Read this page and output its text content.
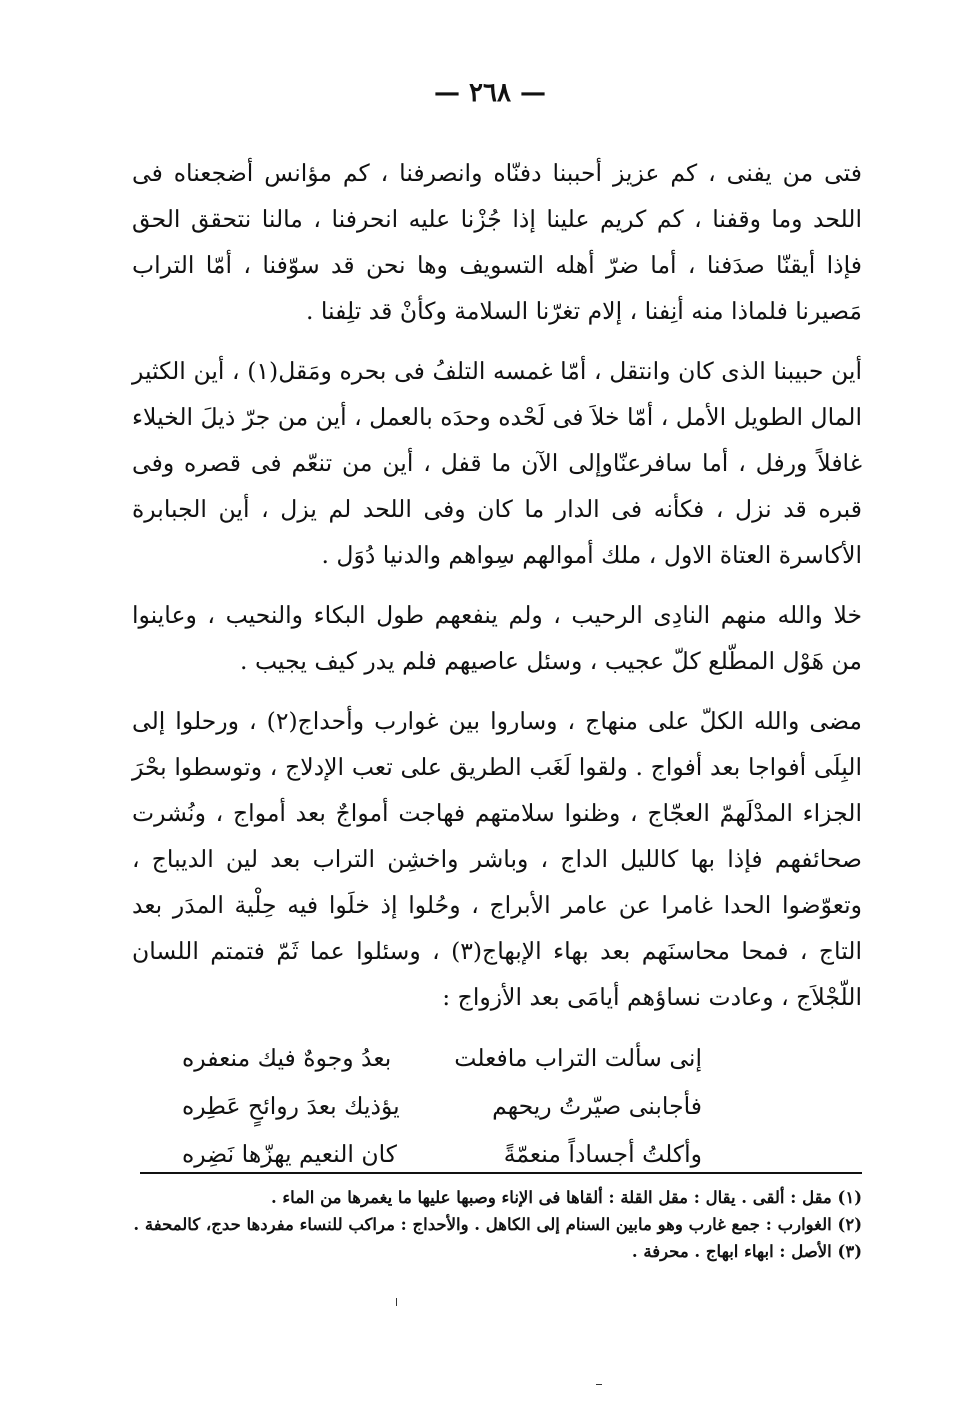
— ٢٦٨ —

فتى من يفنى ، كم عزيز أحببنا دفنّاه وانصرفنا ، كم مؤانس أضجعناه فى اللحد وما وقفنا ، كم كريم علينا إذا جُزْنا عليه انحرفنا ، مالنا نتحقق الحق فإذا أيقنّا صدَفنا ، أما ضرّ أهله التسويف وها نحن قد سوّفنا ، أمّا التراب مَصيرنا فلماذا منه أنِفنا ، إلام تغرّنا السلامة وكأنْ قد تلِفنا .

أين حبيبنا الذى كان وانتقل ، أمّا غمسه التلفُ فى بحره ومَقل(١) ، أين الكثير المال الطويل الأمل ، أمّا خلاَ فى لَحْده وحدَه بالعمل ، أين من جرّ ذيلَ الخيلاء غافلاً ورفل ، أما سافرعنّاوإلى الآن ما قفل ، أين من تنعّم فى قصره وفى قبره قد نزل ، فكأنه فى الدار ما كان وفى اللحد لم يزل ، أين الجبابرة الأكاسرة العتاة الاول ، ملك أموالهم سِواهم والدنيا دُوَل .

خلا والله منهم النادِى الرحيب ، ولم ينفعهم طول البكاء والنحيب ، وعاينوا من هَوْل المطّلع كلّ عجيب ، وسئل عاصيهم فلم يدر كيف يجيب .

مضى والله الكلّ على منهاج ، وساروا بين غوارب وأحداج(٢) ، ورحلوا إلى البِلَى أفواجا بعد أفواج . ولقوا لَغَب الطريق على تعب الإدلاج ، وتوسطوا بحْرَ الجزاء المدْلَهمّ العجّاج ، وظنوا سلامتهم فهاجت أمواجٌ بعد أمواج ، ونُشرت صحائفهم فإذا بها كالليل الداج ، وباشر واخشِن التراب بعد لين الديباج ، وتعوّضوا الحدا غامرا عن عامر الأبراج ، وحُلوا إذ خلَوا فيه حِلْية المدَر بعد التاج ، فمحا محاسنَهم بعد بهاء الإبهاج(٣) ، وسئلوا عما ثَمّ فتمتم اللسان اللّجْلاَج ، وعادت نساؤهم أيامَى بعد الأزواج :

إنى سألت التراب مافعلت
بعدُ وجوهٌ فيك منعفره
فأجابنى صيّرتُ ريحهم
يؤذيك بعدَ روائحٍ عَطِره
وأكلتُ أجساداً منعمّةً
كان النعيم يهزّها نَضِره
(١) مقل : ألقى . يقال : مقل القلة : ألقاها فى الإناء وصبها عليها ما يغمرها من الماء .
(٢) الغوارب : جمع غارب وهو مابين السنام إلى الكاهل . والأحداج : مراكب للنساء مفردها حدج، كالمحفة .
(٣) الأصل : ابهاء ابهاج . محرفة .
